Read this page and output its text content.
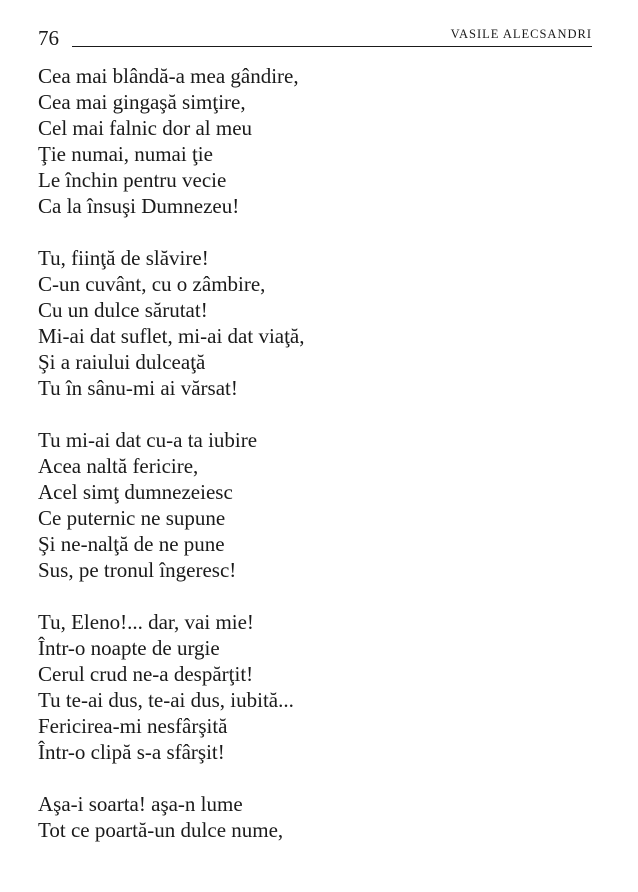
76	VASILE ALECSANDRI
Cea mai blândă-a mea gândire,
Cea mai gingaşă simţire,
Cel mai falnic dor al meu
Ţie numai, numai ţie
Le închin pentru vecie
Ca la însuşi Dumnezeu!
Tu, fiinţă de slăvire!
C-un cuvânt, cu o zâmbire,
Cu un dulce sărutat!
Mi-ai dat suflet, mi-ai dat viaţă,
Şi a raiului dulceaţă
Tu în sânu-mi ai vărsat!
Tu mi-ai dat cu-a ta iubire
Acea naltă fericire,
Acel simţ dumnezeiesc
Ce puternic ne supune
Şi ne-nalţă de ne pune
Sus, pe tronul îngeresc!
Tu, Eleno!... dar, vai mie!
Într-o noapte de urgie
Cerul crud ne-a despărţit!
Tu te-ai dus, te-ai dus, iubită...
Fericirea-mi nesfârşită
Într-o clipă s-a sfârşit!
Aşa-i soarta! aşa-n lume
Tot ce poartă-un dulce nume,
